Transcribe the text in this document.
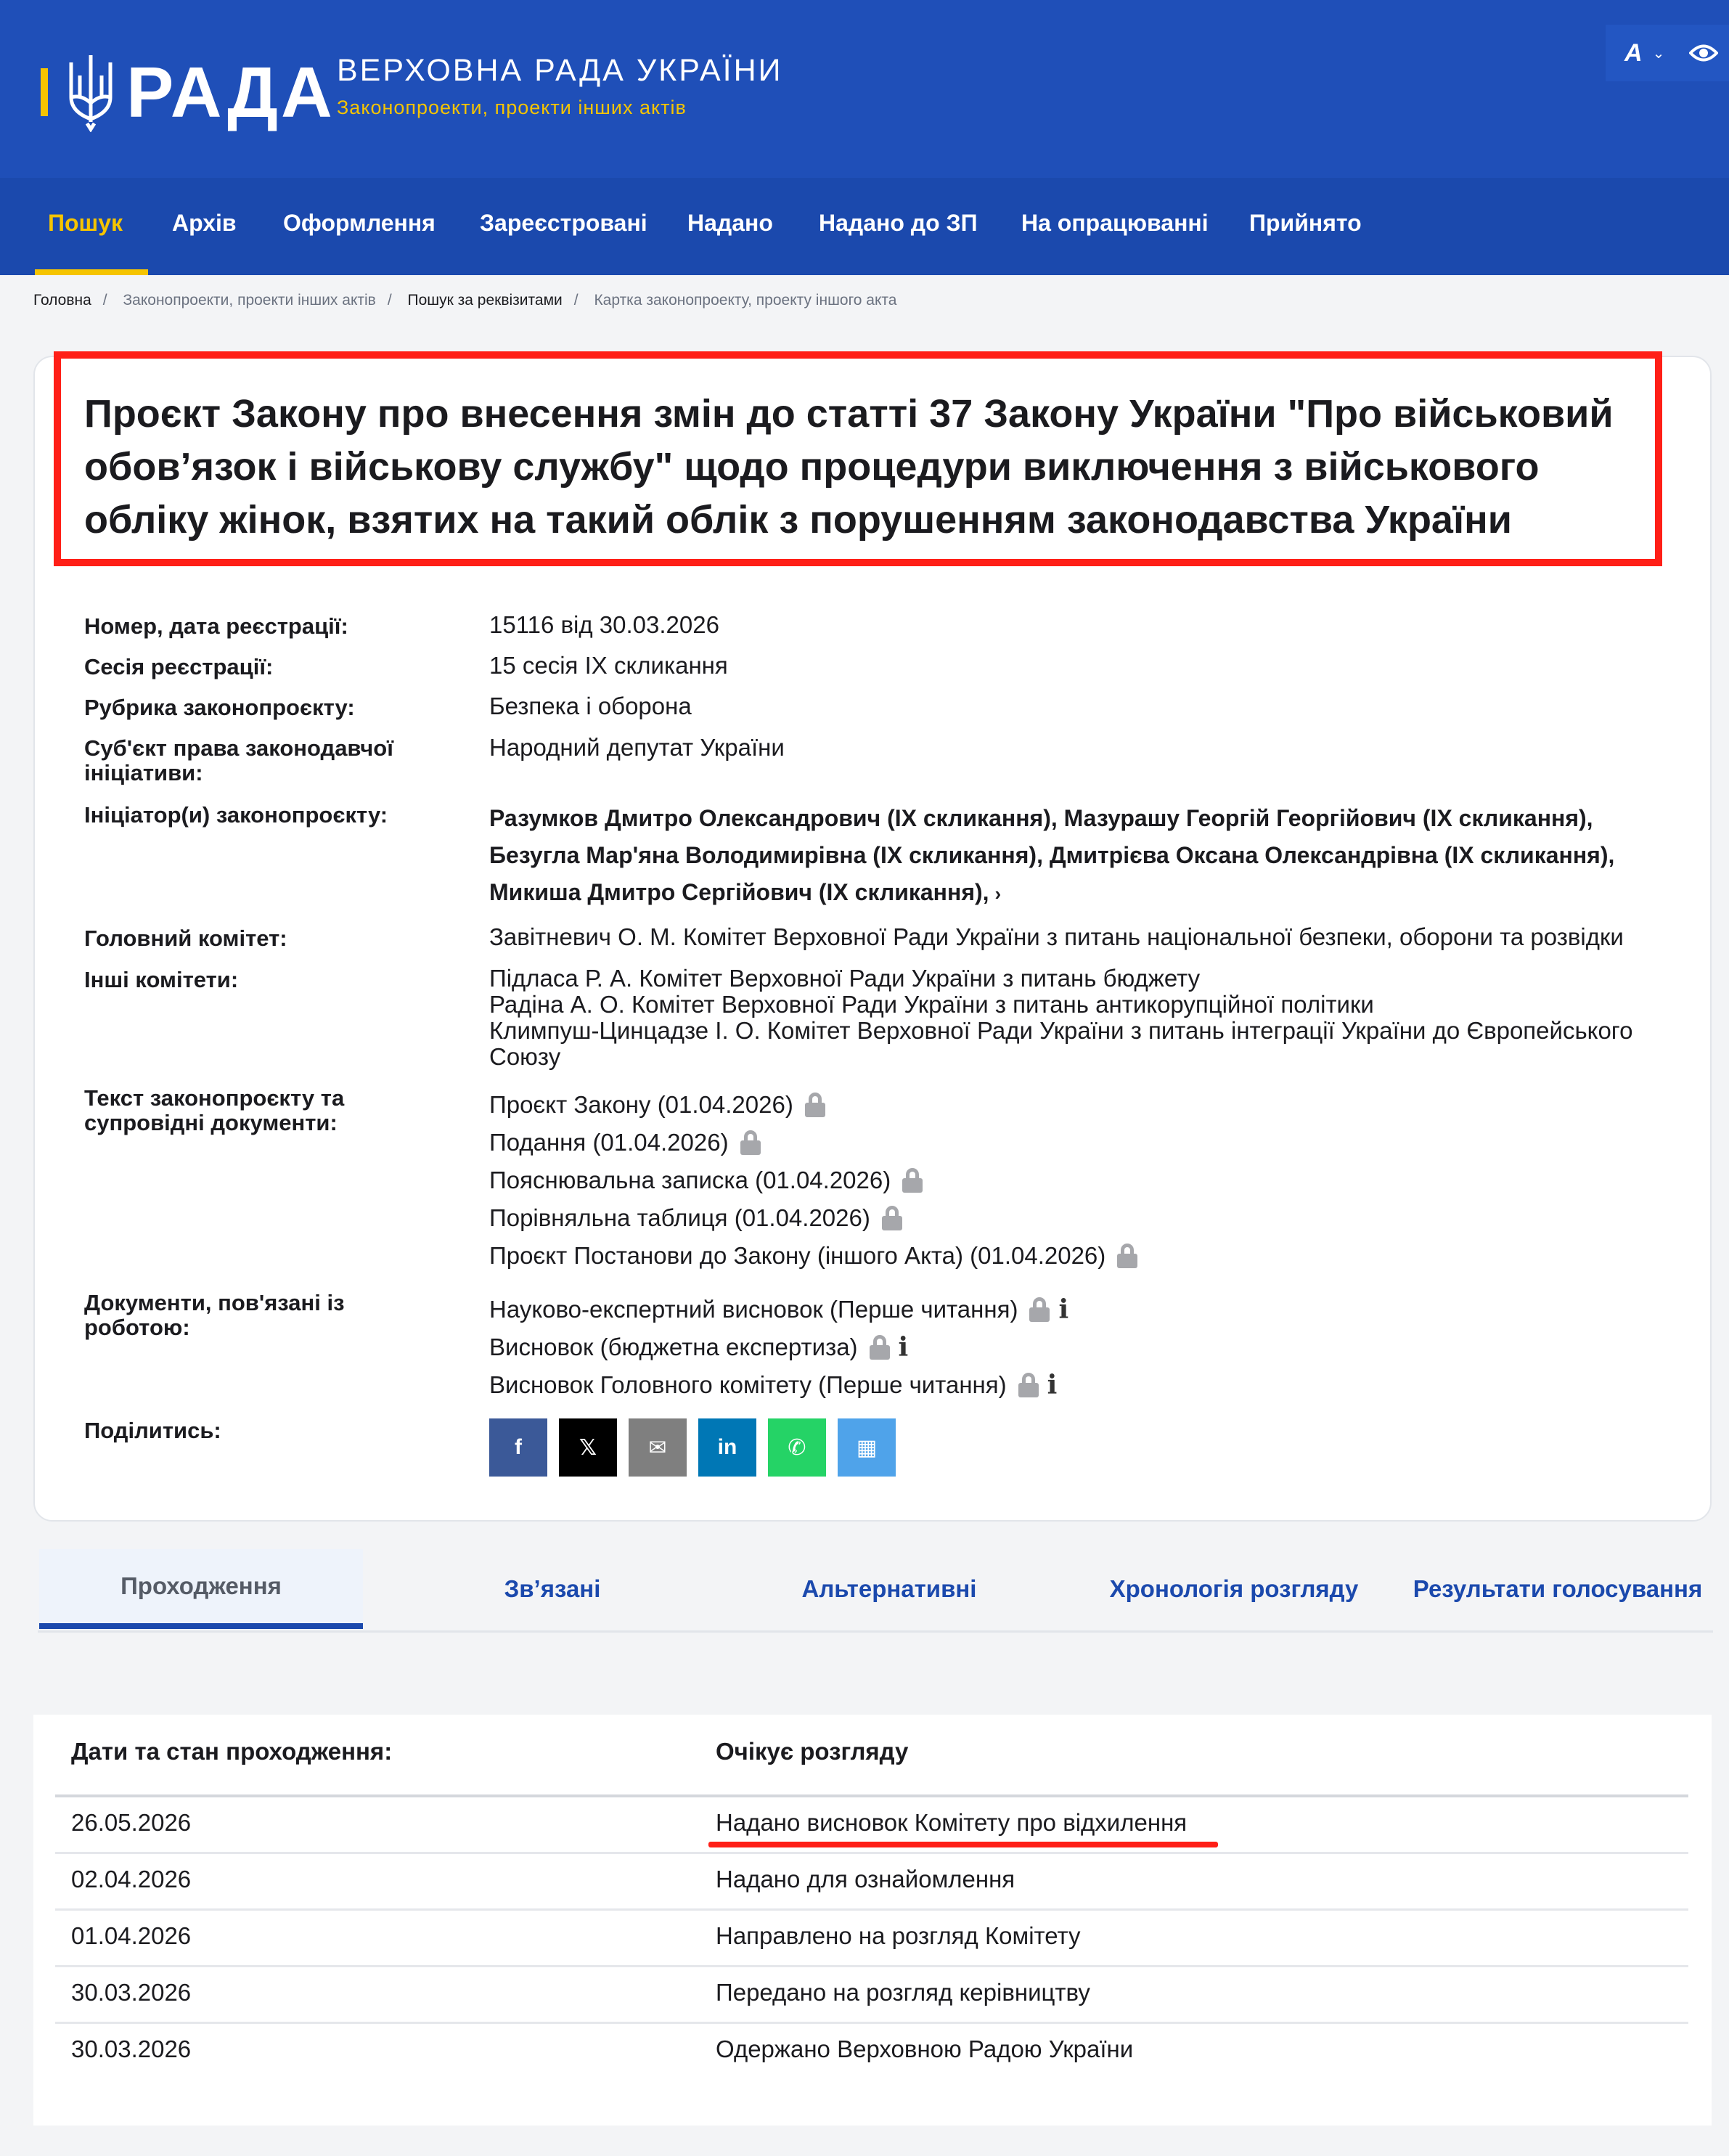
РАДА ВЕРХОВНА РАДА УКРАЇНИ
Законопроекти, проекти інших актів
A ⌄
Пошук Архів Оформлення Зареєстровані Надано Надано до ЗП На опрацюванні Прийнято
Головна / Законопроекти, проекти інших актів / Пошук за реквізитами / Картка законопроекту, проекту іншого акта
Проєкт Закону про внесення змін до статті 37 Закону України "Про військовий обов’язок і військову службу" щодо процедури виключення з військового обліку жінок, взятих на такий облік з порушенням законодавства України
Номер, дата реєстрації:	15116 від 30.03.2026
Сесія реєстрації:	15 сесія IX скликання
Рубрика законопроєкту:	Безпека і оборона
Суб'єкт права законодавчої ініціативи:
Народний депутат України
Ініціатор(и) законопроєкту:	Разумков Дмитро Олександрович (IX скликання), Мазурашу Георгій Георгійович (IX скликання), Безугла Мар'яна Володимирівна (IX скликання), Дмитрієва Оксана Олександрівна (IX скликання), Микиша Дмитро Сергійович (IX скликання), ›
Головний комітет:	Завітневич О. М. Комітет Верховної Ради України з питань національної безпеки, оборони та розвідки
Інші комітети:	Підласа Р. А. Комітет Верховної Ради України з питань бюджету
Радіна А. О. Комітет Верховної Ради України з питань антикорупційної політики
Климпуш-Цинцадзе І. О. Комітет Верховної Ради України з питань інтеграції України до Європейського Союзу
Текст законопроєкту та супровідні документи:
Проєкт Закону (01.04.2026)
Подання (01.04.2026)
Пояснювальна записка (01.04.2026)
Порівняльна таблиця (01.04.2026)
Проєкт Постанови до Закону (іншого Акта) (01.04.2026)
Документи, пов'язані із роботою:
Науково-експертний висновок (Перше читання) i
Висновок (бюджетна експертиза) i
Висновок Головного комітету (Перше читання) i
Поділитись:
f	𝕏	✉	in	✆	▦
Проходження	Зв’язані	Альтернативні	Хронологія розгляду	Результати голосування
Дати та стан проходження:	Очікує розгляду
26.05.2026	Надано висновок Комітету про відхилення
02.04.2026	Надано для ознайомлення
01.04.2026	Направлено на розгляд Комітету
30.03.2026	Передано на розгляд керівництву
30.03.2026	Одержано Верховною Радою України
